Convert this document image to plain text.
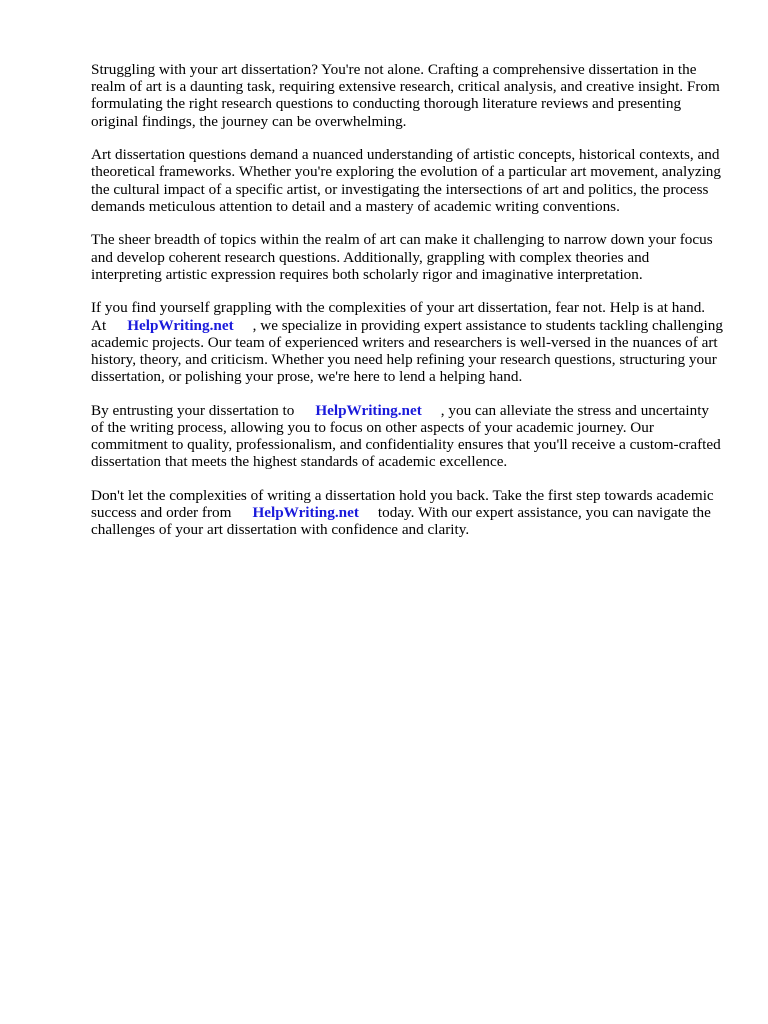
Struggling with your art dissertation? You're not alone. Crafting a comprehensive dissertation in the realm of art is a daunting task, requiring extensive research, critical analysis, and creative insight. From formulating the right research questions to conducting thorough literature reviews and presenting original findings, the journey can be overwhelming.

Art dissertation questions demand a nuanced understanding of artistic concepts, historical contexts, and theoretical frameworks. Whether you're exploring the evolution of a particular art movement, analyzing the cultural impact of a specific artist, or investigating the intersections of art and politics, the process demands meticulous attention to detail and a mastery of academic writing conventions.

The sheer breadth of topics within the realm of art can make it challenging to narrow down your focus and develop coherent research questions. Additionally, grappling with complex theories and interpreting artistic expression requires both scholarly rigor and imaginative interpretation.

If you find yourself grappling with the complexities of your art dissertation, fear not. Help is at hand.
At HelpWriting.net , we specialize in providing expert assistance to students tackling challenging academic projects. Our team of experienced writers and researchers is well-versed in the nuances of art history, theory, and criticism. Whether you need help refining your research questions, structuring your dissertation, or polishing your prose, we're here to lend a helping hand.

By entrusting your dissertation to HelpWriting.net , you can alleviate the stress and uncertainty of the writing process, allowing you to focus on other aspects of your academic journey. Our commitment to quality, professionalism, and confidentiality ensures that you'll receive a custom-crafted dissertation that meets the highest standards of academic excellence.

Don't let the complexities of writing a dissertation hold you back. Take the first step towards academic success and order from HelpWriting.net today. With our expert assistance, you can navigate the challenges of your art dissertation with confidence and clarity.
